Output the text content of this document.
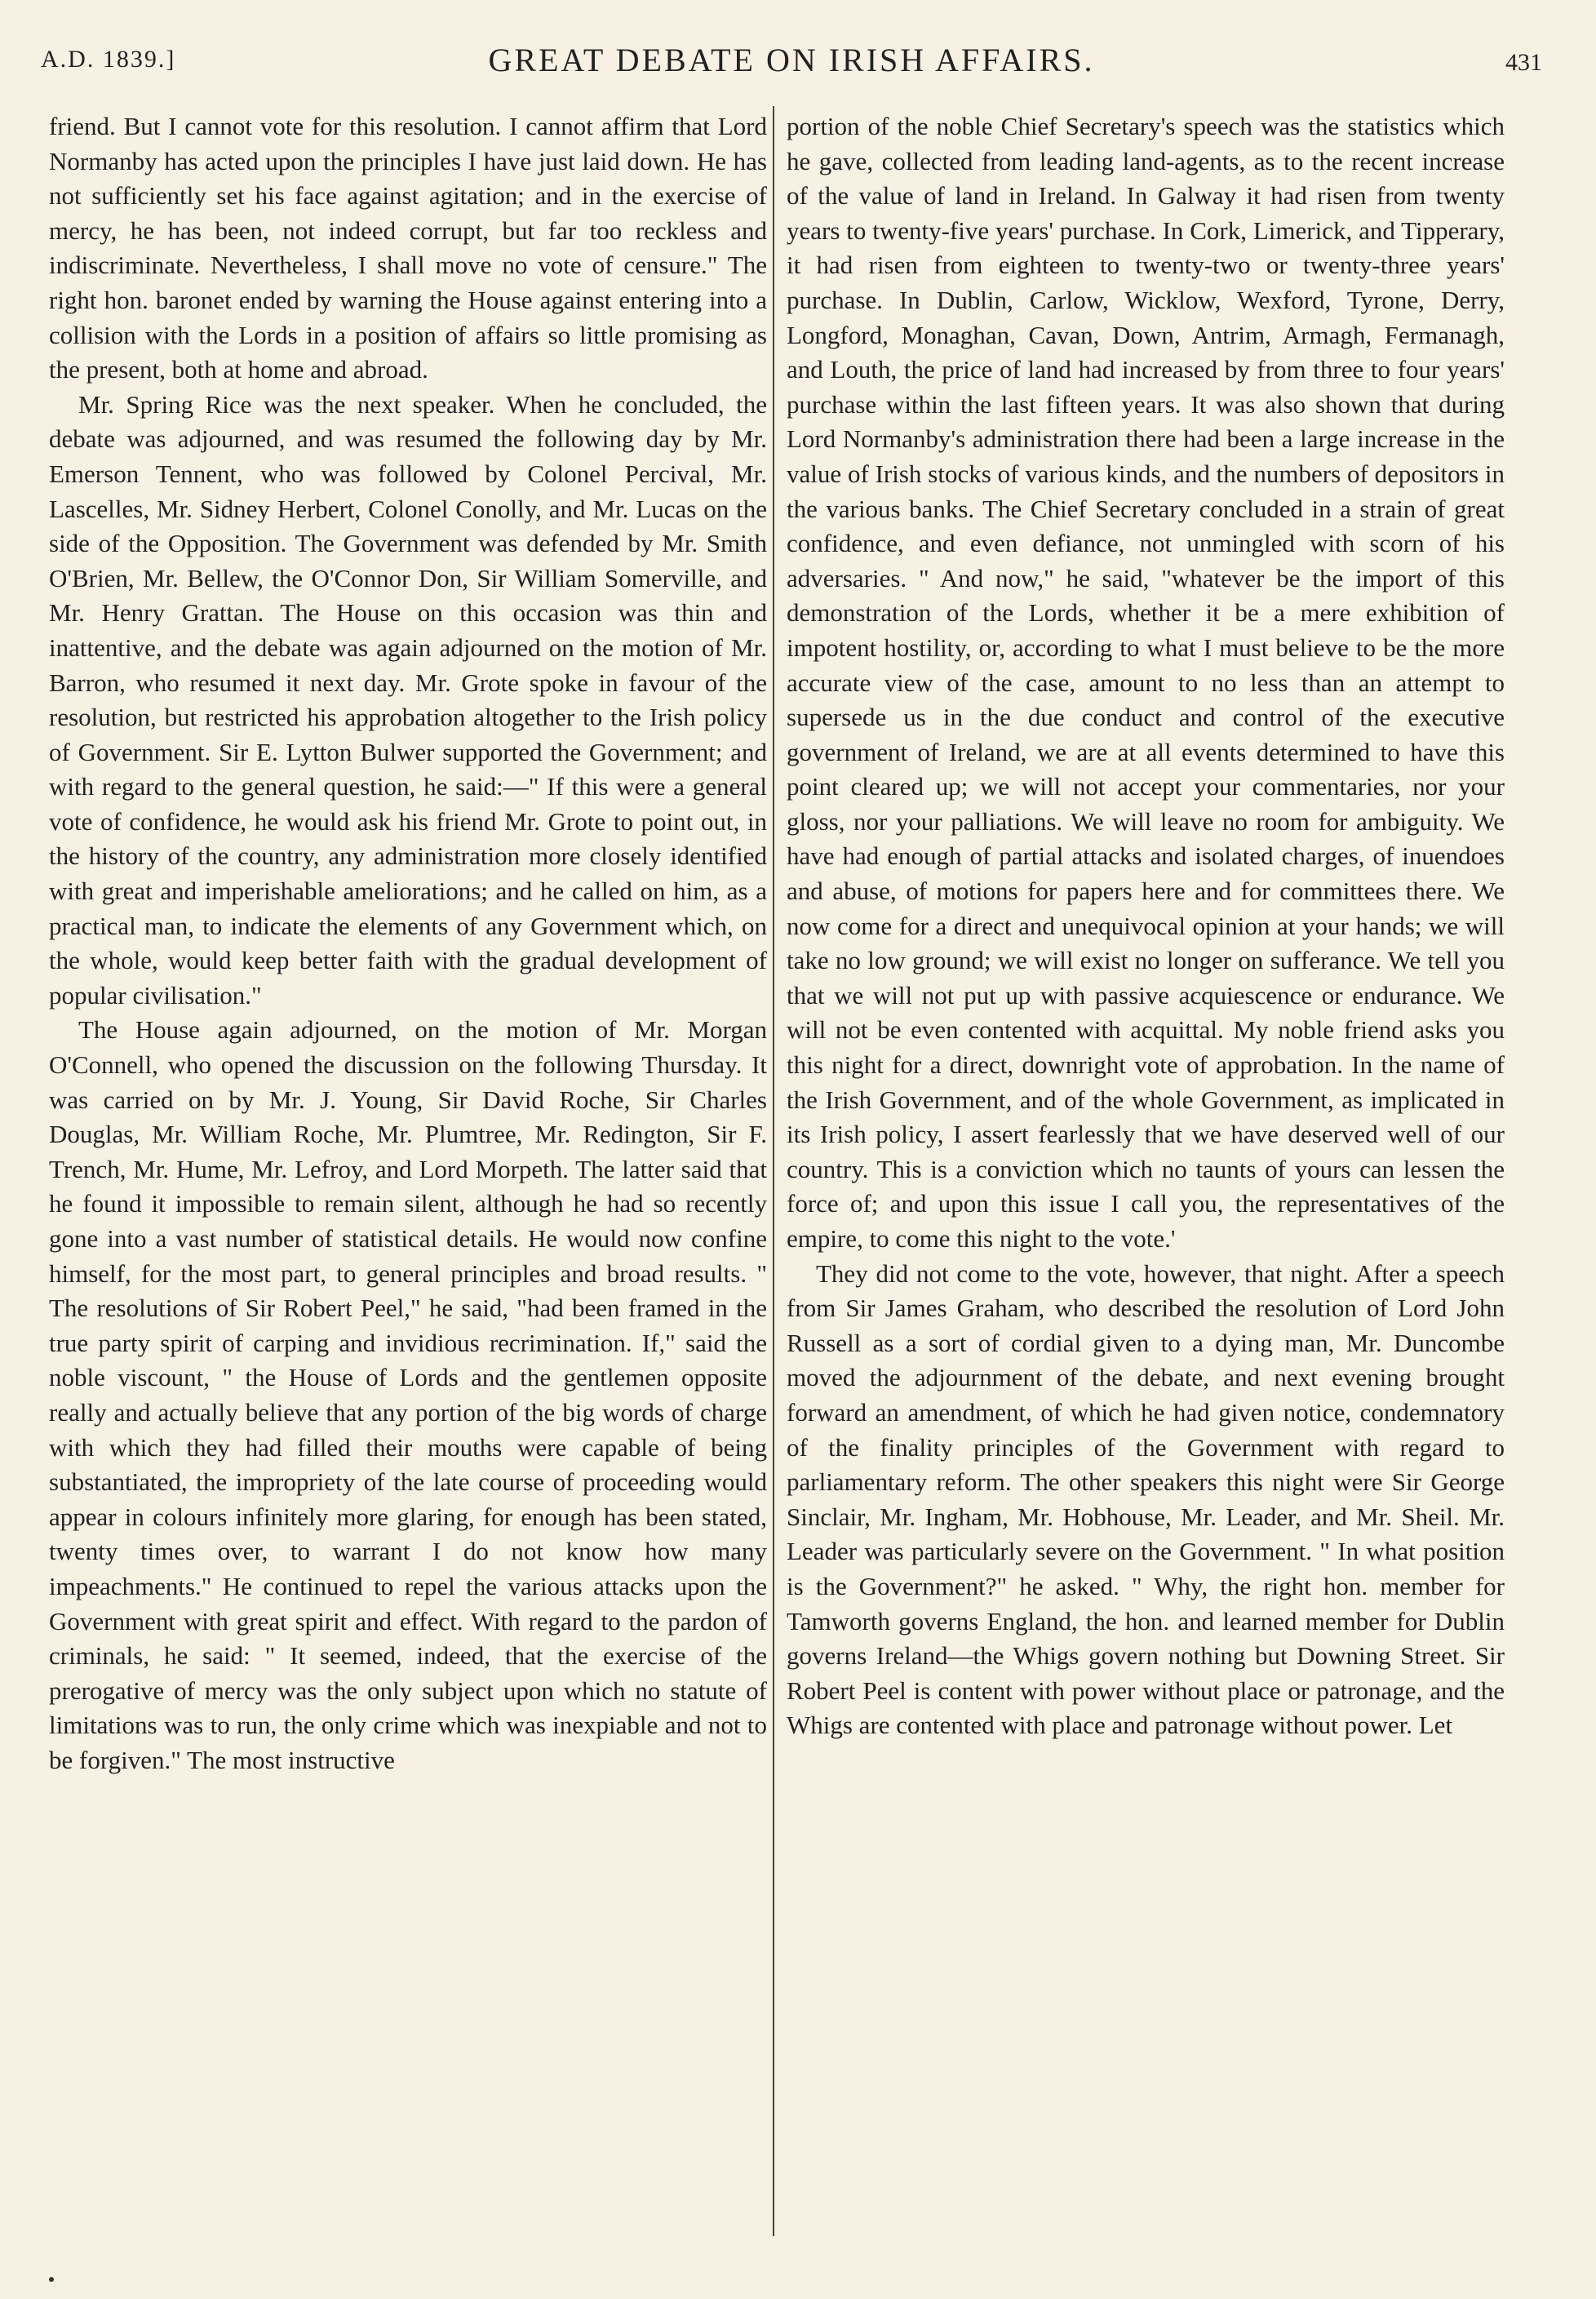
A.D. 1839.]	GREAT DEBATE ON IRISH AFFAIRS.	431

friend. But I cannot vote for this resolution. I cannot affirm that Lord Normanby has acted upon the principles I have just laid down. He has not sufficiently set his face against agitation; and in the exercise of mercy, he has been, not indeed corrupt, but far too reckless and indiscriminate. Nevertheless, I shall move no vote of censure." The right hon. baronet ended by warning the House against entering into a collision with the Lords in a position of affairs so little promising as the present, both at home and abroad.

Mr. Spring Rice was the next speaker. When he concluded, the debate was adjourned, and was resumed the following day by Mr. Emerson Tennent, who was followed by Colonel Percival, Mr. Lascelles, Mr. Sidney Herbert, Colonel Conolly, and Mr. Lucas on the side of the Opposition. The Government was defended by Mr. Smith O'Brien, Mr. Bellew, the O'Connor Don, Sir William Somerville, and Mr. Henry Grattan. The House on this occasion was thin and inattentive, and the debate was again adjourned on the motion of Mr. Barron, who resumed it next day. Mr. Grote spoke in favour of the resolution, but restricted his approbation altogether to the Irish policy of Government. Sir E. Lytton Bulwer supported the Government; and with regard to the general question, he said:—" If this were a general vote of confidence, he would ask his friend Mr. Grote to point out, in the history of the country, any administration more closely identified with great and imperishable ameliorations; and he called on him, as a practical man, to indicate the elements of any Government which, on the whole, would keep better faith with the gradual development of popular civilisation."

The House again adjourned, on the motion of Mr. Morgan O'Connell, who opened the discussion on the following Thursday. It was carried on by Mr. J. Young, Sir David Roche, Sir Charles Douglas, Mr. William Roche, Mr. Plumtree, Mr. Redington, Sir F. Trench, Mr. Hume, Mr. Lefroy, and Lord Morpeth. The latter said that he found it impossible to remain silent, although he had so recently gone into a vast number of statistical details. He would now confine himself, for the most part, to general principles and broad results. " The resolutions of Sir Robert Peel," he said, "had been framed in the true party spirit of carping and invidious recrimination. If," said the noble viscount, " the House of Lords and the gentlemen opposite really and actually believe that any portion of the big words of charge with which they had filled their mouths were capable of being substantiated, the impropriety of the late course of proceeding would appear in colours infinitely more glaring, for enough has been stated, twenty times over, to warrant I do not know how many impeachments." He continued to repel the various attacks upon the Government with great spirit and effect. With regard to the pardon of criminals, he said: " It seemed, indeed, that the exercise of the prerogative of mercy was the only subject upon which no statute of limitations was to run, the only crime which was inexpiable and not to be forgiven." The most instructive

portion of the noble Chief Secretary's speech was the statistics which he gave, collected from leading land-agents, as to the recent increase of the value of land in Ireland. In Galway it had risen from twenty years to twenty-five years' purchase. In Cork, Limerick, and Tipperary, it had risen from eighteen to twenty-two or twenty-three years' purchase. In Dublin, Carlow, Wicklow, Wexford, Tyrone, Derry, Longford, Monaghan, Cavan, Down, Antrim, Armagh, Fermanagh, and Louth, the price of land had increased by from three to four years' purchase within the last fifteen years. It was also shown that during Lord Normanby's administration there had been a large increase in the value of Irish stocks of various kinds, and the numbers of depositors in the various banks. The Chief Secretary concluded in a strain of great confidence, and even defiance, not unmingled with scorn of his adversaries. " And now," he said, "whatever be the import of this demonstration of the Lords, whether it be a mere exhibition of impotent hostility, or, according to what I must believe to be the more accurate view of the case, amount to no less than an attempt to supersede us in the due conduct and control of the executive government of Ireland, we are at all events determined to have this point cleared up; we will not accept your commentaries, nor your gloss, nor your palliations. We will leave no room for ambiguity. We have had enough of partial attacks and isolated charges, of inuendoes and abuse, of motions for papers here and for committees there. We now come for a direct and unequivocal opinion at your hands; we will take no low ground; we will exist no longer on sufferance. We tell you that we will not put up with passive acquiescence or endurance. We will not be even contented with acquittal. My noble friend asks you this night for a direct, downright vote of approbation. In the name of the Irish Government, and of the whole Government, as implicated in its Irish policy, I assert fearlessly that we have deserved well of our country. This is a conviction which no taunts of yours can lessen the force of; and upon this issue I call you, the representatives of the empire, to come this night to the vote.'

They did not come to the vote, however, that night. After a speech from Sir James Graham, who described the resolution of Lord John Russell as a sort of cordial given to a dying man, Mr. Duncombe moved the adjournment of the debate, and next evening brought forward an amendment, of which he had given notice, condemnatory of the finality principles of the Government with regard to parliamentary reform. The other speakers this night were Sir George Sinclair, Mr. Ingham, Mr. Hobhouse, Mr. Leader, and Mr. Sheil. Mr. Leader was particularly severe on the Government. " In what position is the Government?" he asked. " Why, the right hon. member for Tamworth governs England, the hon. and learned member for Dublin governs Ireland—the Whigs govern nothing but Downing Street. Sir Robert Peel is content with power without place or patronage, and the Whigs are contented with place and patronage without power. Let
